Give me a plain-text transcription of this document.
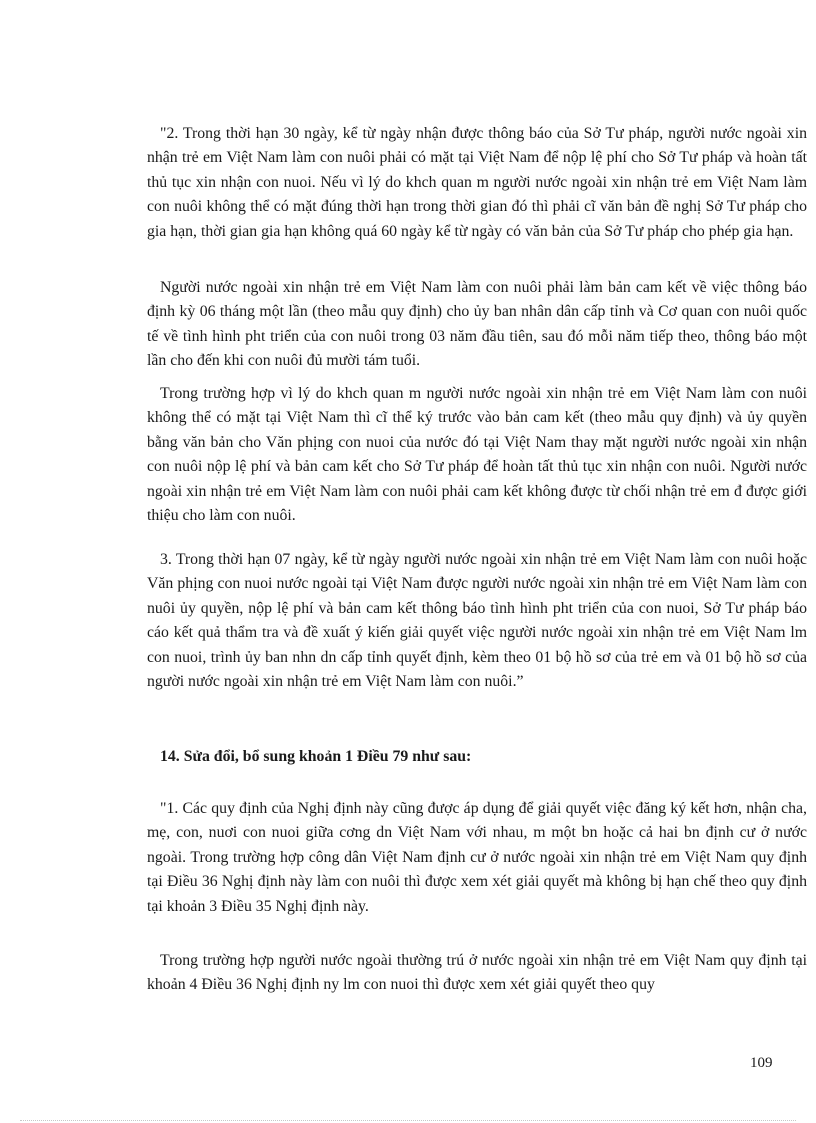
"2. Trong thời hạn 30 ngày, kể từ ngày nhận được thông báo của Sở Tư pháp, người nước ngoài xin nhận trẻ em Việt Nam làm con nuôi phải có mặt tại Việt Nam để nộp lệ phí cho Sở Tư pháp và hoàn tất thủ tục xin nhận con nuoi. Nếu vì lý do khch quan m người nước ngoài xin nhận trẻ em Việt Nam làm con nuôi không thể có mặt đúng thời hạn trong thời gian đó thì phải cĩ văn bản đề nghị Sở Tư pháp cho gia hạn, thời gian gia hạn không quá 60 ngày kể từ ngày có văn bản của Sở Tư pháp cho phép gia hạn.

Người nước ngoài xin nhận trẻ em Việt Nam làm con nuôi phải làm bản cam kết về việc thông báo định kỳ 06 tháng một lần (theo mẫu quy định) cho ủy ban nhân dân cấp tỉnh và Cơ quan con nuôi quốc tế về tình hình pht triển của con nuôi trong 03 năm đầu tiên, sau đó mỗi năm tiếp theo, thông báo một lần cho đến khi con nuôi đủ mười tám tuổi.

Trong trường hợp vì lý do khch quan m người nước ngoài xin nhận trẻ em Việt Nam làm con nuôi không thể có mặt tại Việt Nam thì cĩ thể ký trước vào bản cam kết (theo mẫu quy định) và ủy quyền bằng văn bản cho Văn phịng con nuoi của nước đó tại Việt Nam thay mặt người nước ngoài xin nhận con nuôi nộp lệ phí và bản cam kết cho Sở Tư pháp để hoàn tất thủ tục xin nhận con nuôi. Người nước ngoài xin nhận trẻ em Việt Nam làm con nuôi phải cam kết không được từ chối nhận trẻ em đ được giới thiệu cho làm con nuôi.

3. Trong thời hạn 07 ngày, kể từ ngày người nước ngoài xin nhận trẻ em Việt Nam làm con nuôi hoặc Văn phịng con nuoi nước ngoài tại Việt Nam được người nước ngoài xin nhận trẻ em Việt Nam làm con nuôi ủy quyền, nộp lệ phí và bản cam kết thông báo tình hình pht triển của con nuoi, Sở Tư pháp báo cáo kết quả thẩm tra và đề xuất ý kiến giải quyết việc người nước ngoài xin nhận trẻ em Việt Nam lm con nuoi, trình ủy ban nhn dn cấp tỉnh quyết định, kèm theo 01 bộ hồ sơ của trẻ em và 01 bộ hồ sơ của người nước ngoài xin nhận trẻ em Việt Nam làm con nuôi.”

14. Sửa đổi, bổ sung khoản 1 Điều 79 như sau:

"1. Các quy định của Nghị định này cũng được áp dụng để giải quyết việc đăng ký kết hơn, nhận cha, mẹ, con, nuơi con nuoi giữa cơng dn Việt Nam với nhau, m một bn hoặc cả hai bn định cư ở nước ngoài. Trong trường hợp công dân Việt Nam định cư ở nước ngoài xin nhận trẻ em Việt Nam quy định tại Điều 36 Nghị định này làm con nuôi thì được xem xét giải quyết mà không bị hạn chế theo quy định tại khoản 3 Điều 35 Nghị định này.

Trong trường hợp người nước ngoài thường trú ở nước ngoài xin nhận trẻ em Việt Nam quy định tại khoản 4 Điều 36 Nghị định ny lm con nuoi thì được xem xét giải quyết theo quy

109
